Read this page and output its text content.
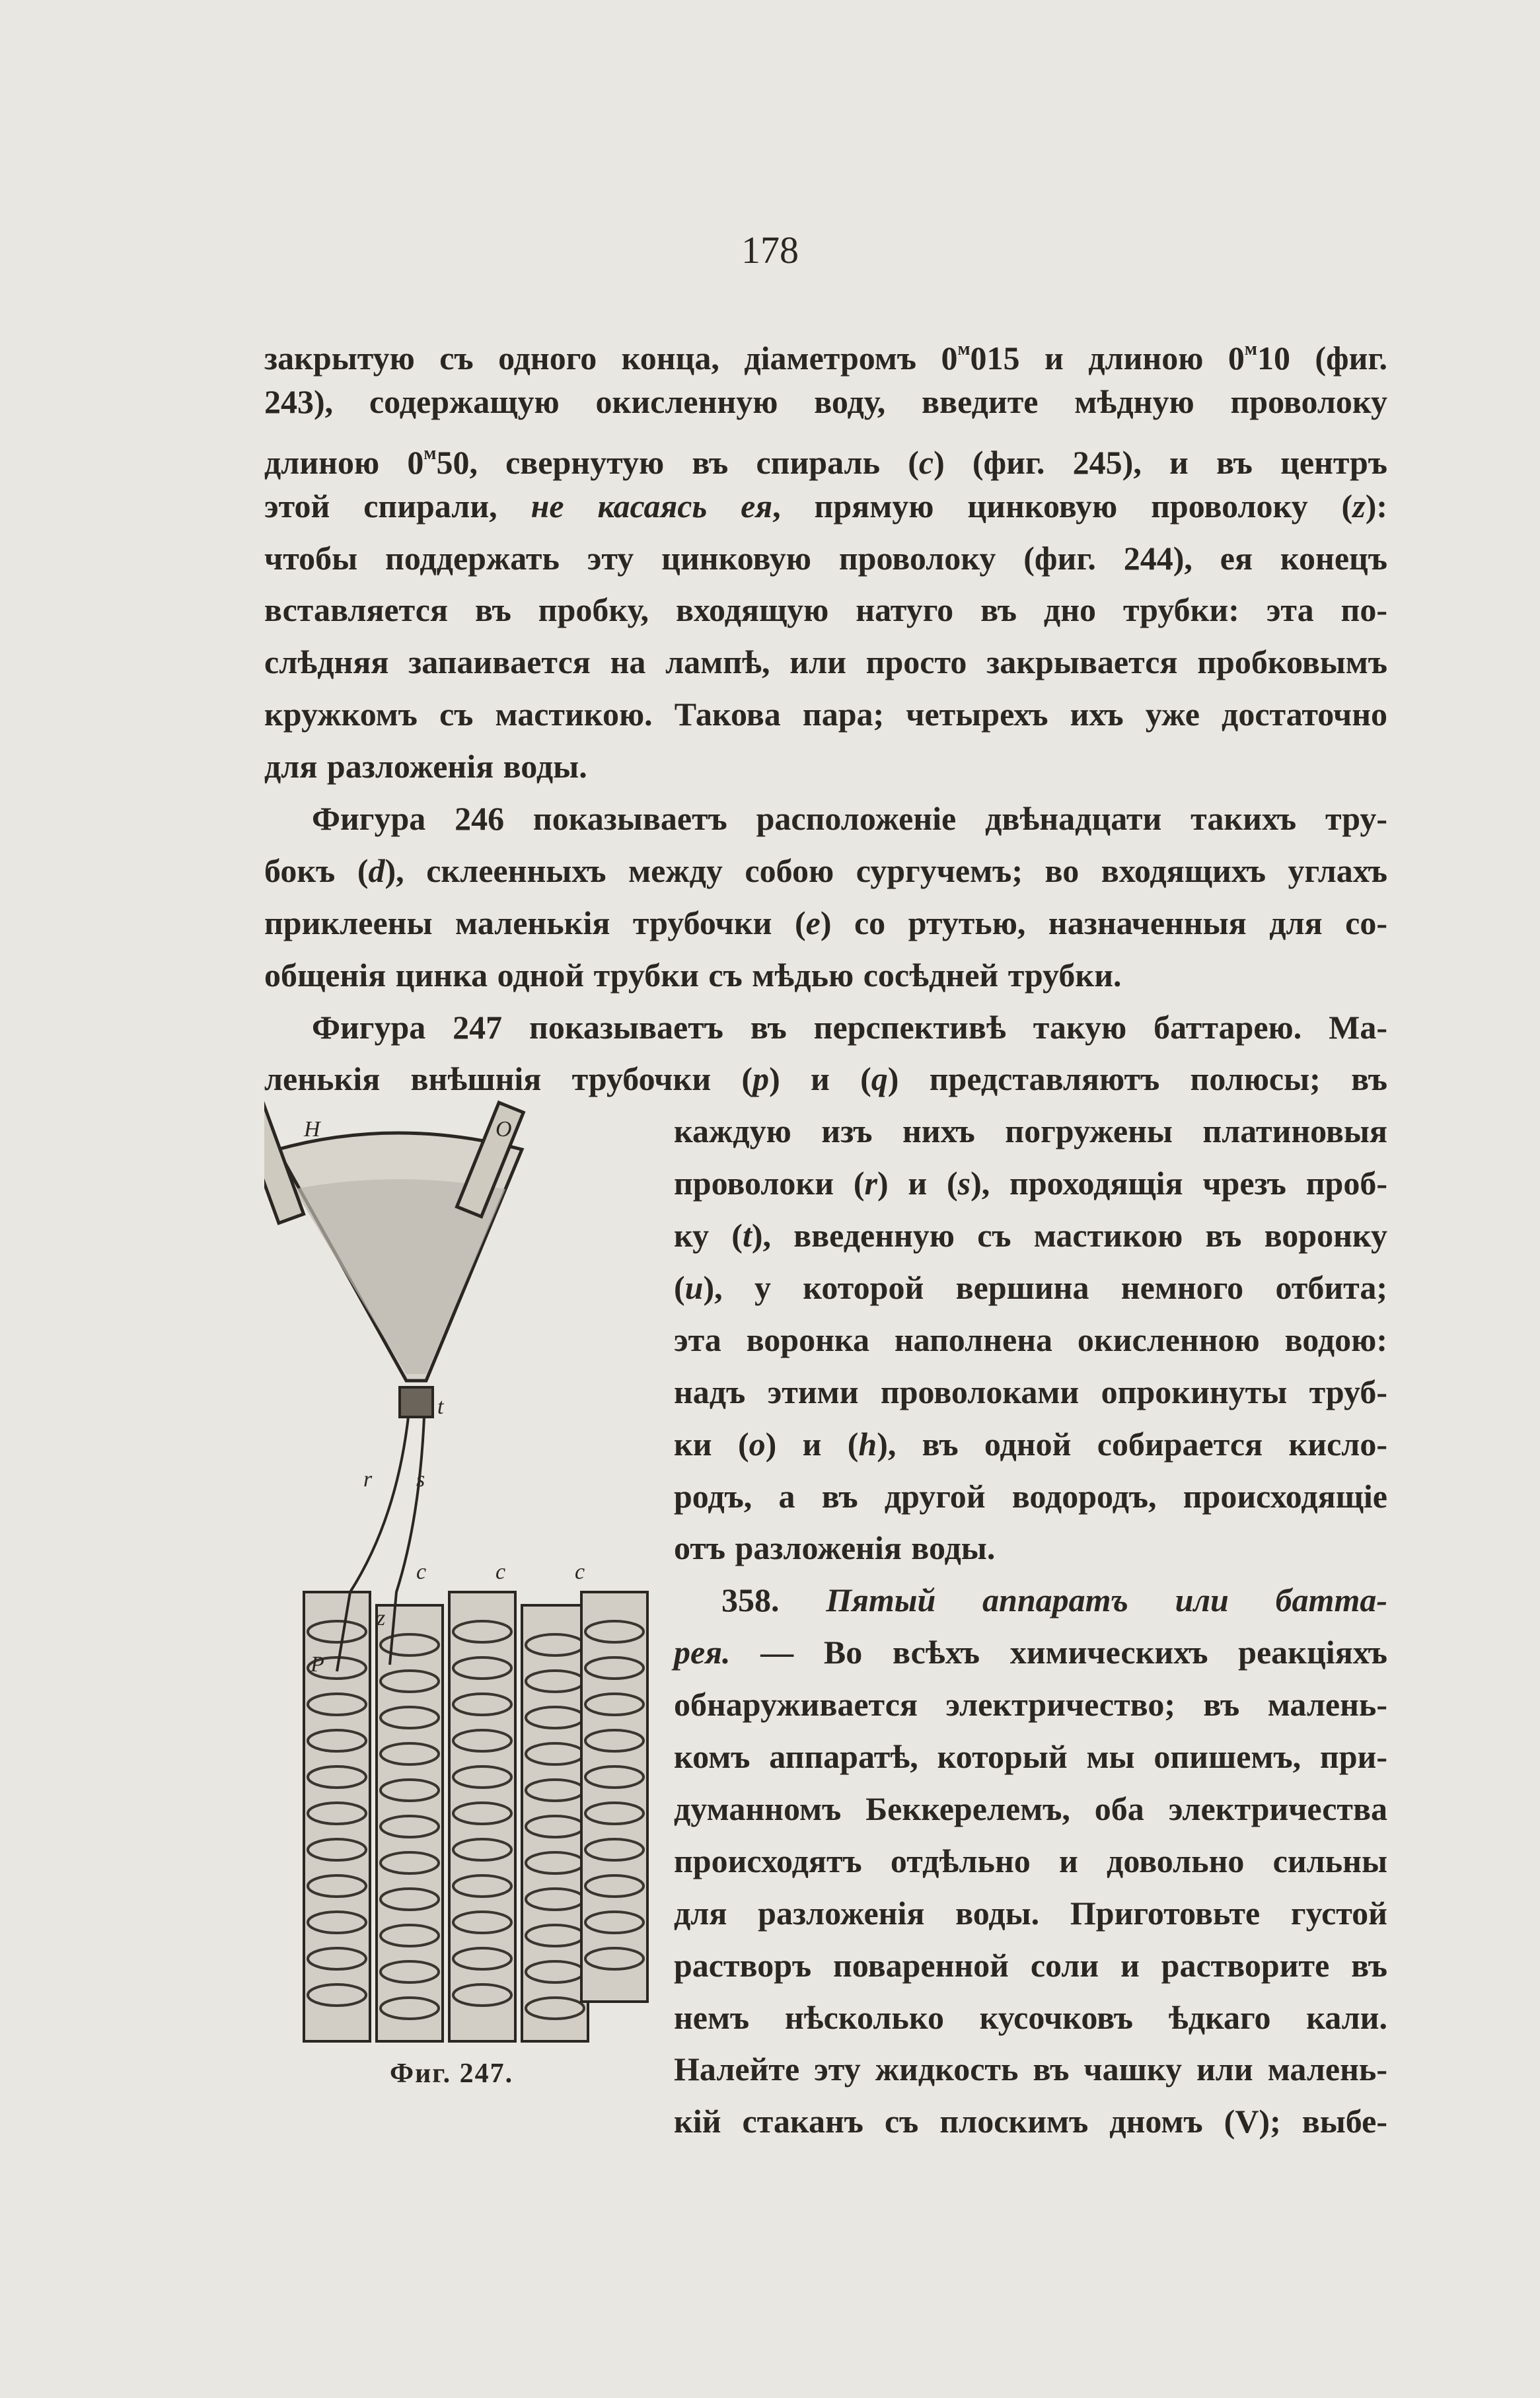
178
закрытую съ одного конца, діаметромъ $0^м015$ и длиною $0^м10$ (фиг.
243), содержащую окисленную воду, введите мѣдную проволоку
длиною $0^м50$, свернутую въ спираль (c) (фиг. 245), и въ центръ
этой спирали, не касаясь ея, прямую цинковую проволоку (z):
чтобы поддержать эту цинковую проволоку (фиг. 244), ея конецъ
вставляется въ пробку, входящую натуго въ дно трубки: эта по-
слѣдняя запаивается на лампѣ, или просто закрывается пробковымъ
кружкомъ съ мастикою. Такова пара; четырехъ ихъ уже достаточно
для разложенія воды.
Фигура 246 показываетъ расположеніе двѣнадцати такихъ тру-
бокъ (d), склеенныхъ между собою сургучемъ; во входящихъ углахъ
приклеены маленькія трубочки (e) со ртутью, назначенныя для со-
общенія цинка одной трубки съ мѣдью сосѣдней трубки.
Фигура 247 показываетъ въ перспективѣ такую баттарею. Ма-
ленькія внѣшнія трубочки (p) и (q) представляютъ полюсы; въ
каждую изъ нихъ погружены платиновыя
проволоки (r) и (s), проходящія чрезъ проб-
ку (t), введенную съ мастикою въ воронку
(u), у которой вершина немного отбита;
эта воронка наполнена окисленною водою:
надъ этими проволоками опрокинуты труб-
ки (o) и (h), въ одной собирается кисло-
родъ, а въ другой водородъ, происходящіе
отъ разложенія воды.
358. Пятый аппаратъ или батта-
рея. — Во всѣхъ химическихъ реакціяхъ
обнаруживается электричество; въ малень-
комъ аппаратѣ, который мы опишемъ, при-
думанномъ Беккерелемъ, оба электричества
происходятъ отдѣльно и довольно сильны
для разложенія воды. Приготовьте густой
растворъ поваренной соли и растворите въ
немъ нѣсколько кусочковъ ѣдкаго кали.
Налейте эту жидкость въ чашку или малень-
кій стаканъ съ плоскимъ дномъ (V); выбе-
H	O
t
r s
c	c	c
z
P
Фиг. 247.
